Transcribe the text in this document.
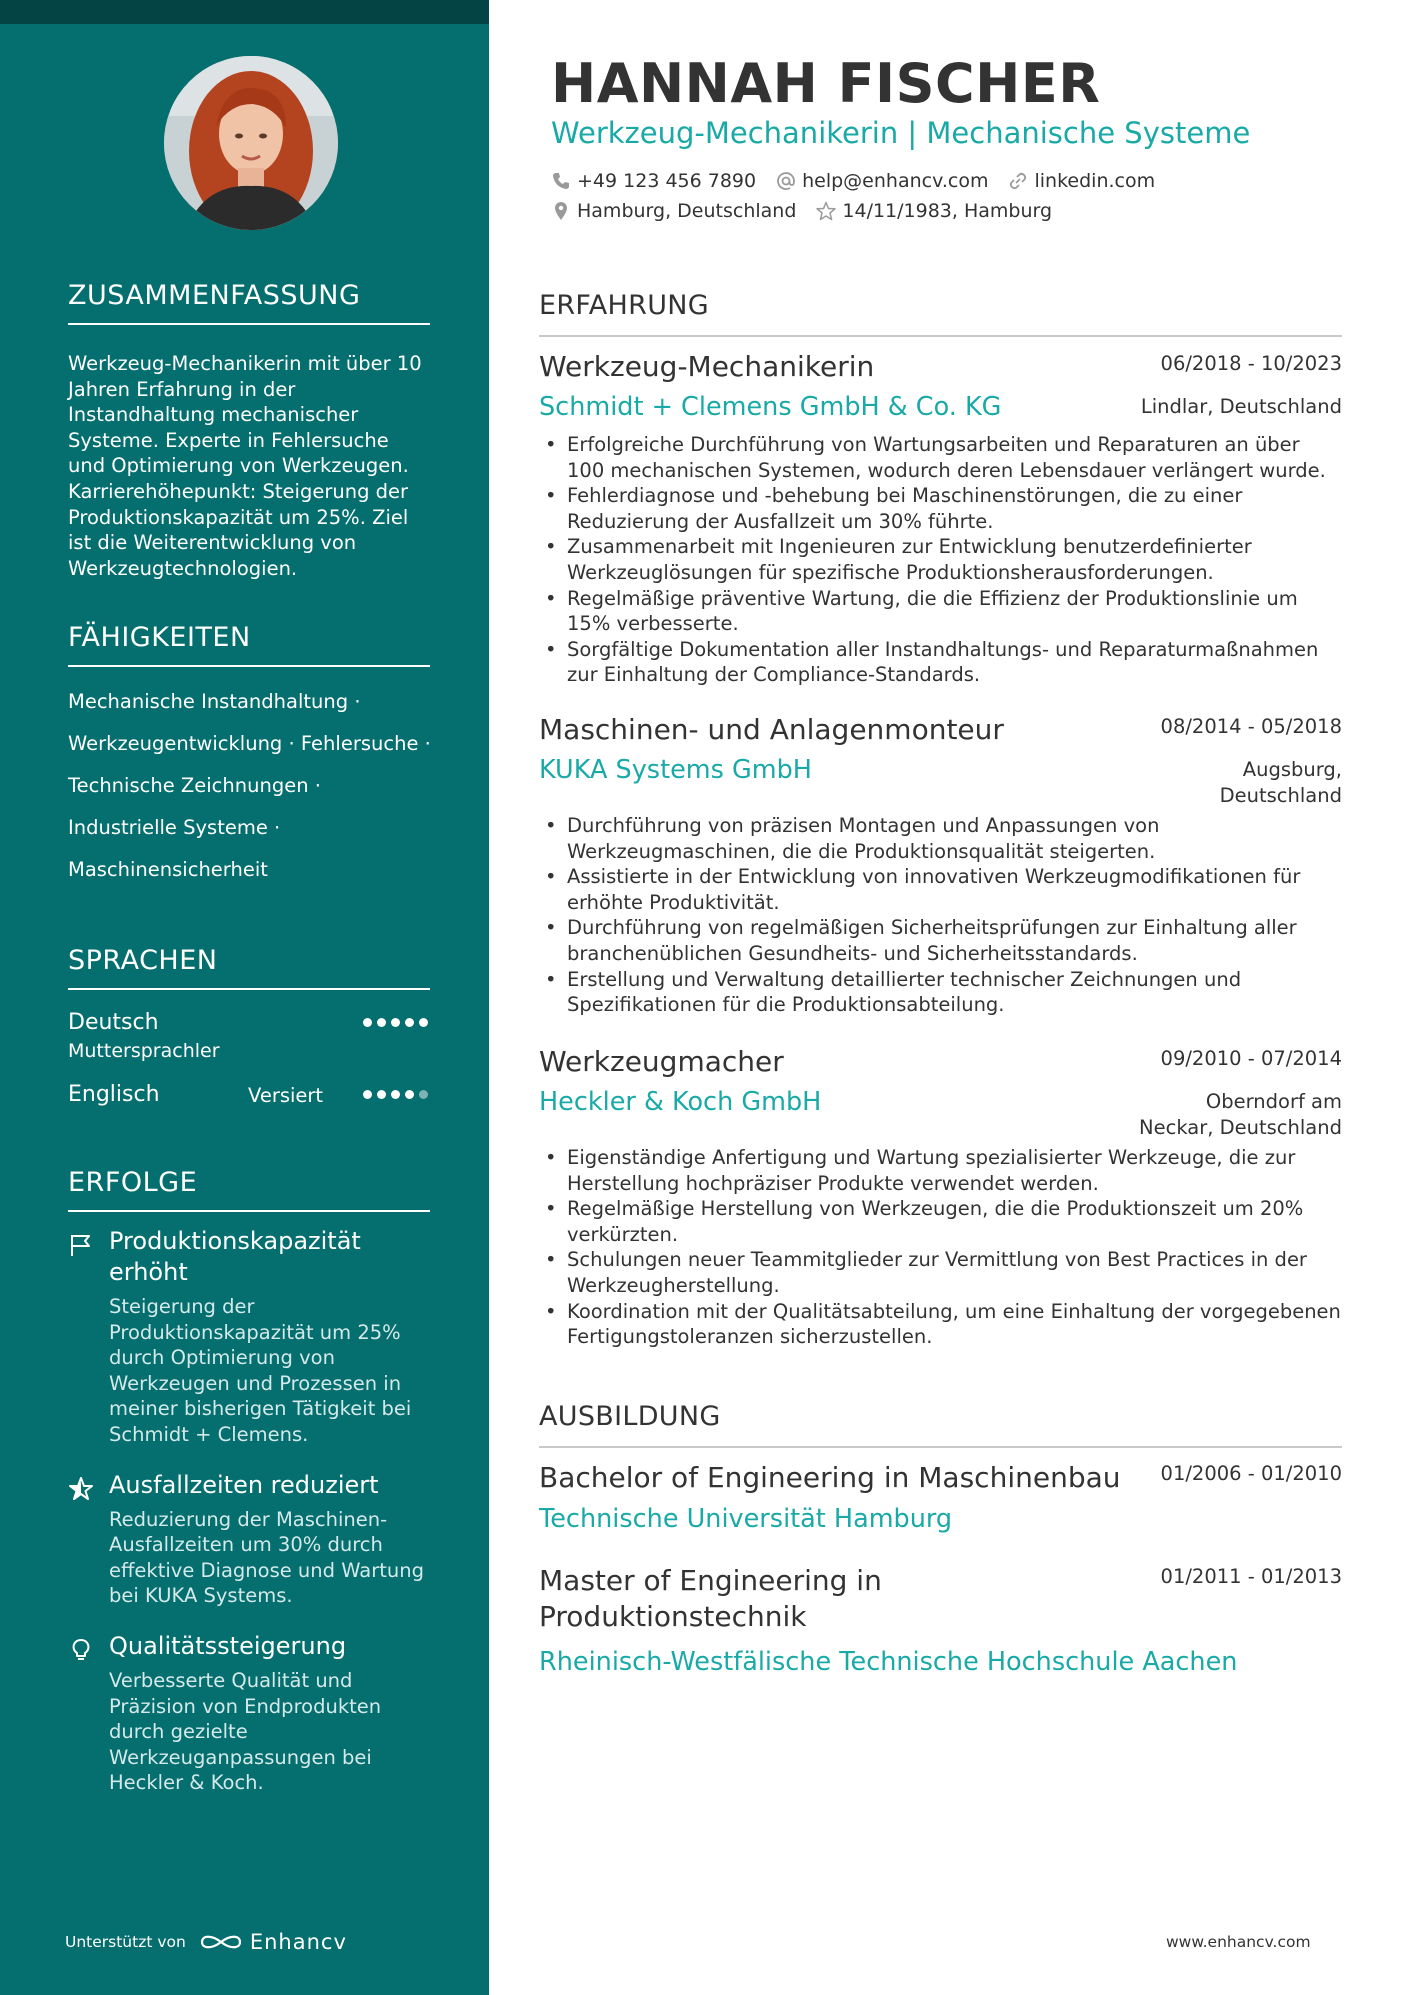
ZUSAMMENFASSUNG
Werkzeug-Mechanikerin mit über 10 Jahren Erfahrung in der Instandhaltung mechanischer Systeme. Experte in Fehlersuche und Optimierung von Werkzeugen. Karrierehöhepunkt: Steigerung der Produktionskapazität um 25%. Ziel ist die Weiterentwicklung von Werkzeugtechnologien.
FÄHIGKEITEN
Mechanische Instandhaltung ·
Werkzeugentwicklung · Fehlersuche ·
Technische Zeichnungen ·
Industrielle Systeme ·
Maschinensicherheit
SPRACHEN
Deutsch
Muttersprachler
Englisch	Versiert
ERFOLGE
Produktionskapazität erhöht
Steigerung der Produktionskapazität um 25% durch Optimierung von Werkzeugen und Prozessen in meiner bisherigen Tätigkeit bei Schmidt + Clemens.
Ausfallzeiten reduziert
Reduzierung der Maschinen-Ausfallzeiten um 30% durch effektive Diagnose und Wartung bei KUKA Systems.
Qualitätssteigerung
Verbesserte Qualität und Präzision von Endprodukten durch gezielte Werkzeuganpassungen bei Heckler & Koch.
Unterstützt von	Enhancv
HANNAH FISCHER
Werkzeug-Mechanikerin | Mechanische Systeme
+49 123 456 7890 help@enhancv.com linkedin.com
Hamburg, Deutschland 14/11/1983, Hamburg
ERFAHRUNG
Werkzeug-Mechanikerin	06/2018 - 10/2023
Schmidt + Clemens GmbH & Co. KG	Lindlar, Deutschland
• Erfolgreiche Durchführung von Wartungsarbeiten und Reparaturen an über 100 mechanischen Systemen, wodurch deren Lebensdauer verlängert wurde.
• Fehlerdiagnose und -behebung bei Maschinenstörungen, die zu einer Reduzierung der Ausfallzeit um 30% führte.
• Zusammenarbeit mit Ingenieuren zur Entwicklung benutzerdefinierter Werkzeuglösungen für spezifische Produktionsherausforderungen.
• Regelmäßige präventive Wartung, die die Effizienz der Produktionslinie um 15% verbesserte.
• Sorgfältige Dokumentation aller Instandhaltungs- und Reparaturmaßnahmen zur Einhaltung der Compliance-Standards.
Maschinen- und Anlagenmonteur	08/2014 - 05/2018
KUKA Systems GmbH	Augsburg, Deutschland
• Durchführung von präzisen Montagen und Anpassungen von Werkzeugmaschinen, die die Produktionsqualität steigerten.
• Assistierte in der Entwicklung von innovativen Werkzeugmodifikationen für erhöhte Produktivität.
• Durchführung von regelmäßigen Sicherheitsprüfungen zur Einhaltung aller branchenüblichen Gesundheits- und Sicherheitsstandards.
• Erstellung und Verwaltung detaillierter technischer Zeichnungen und Spezifikationen für die Produktionsabteilung.
Werkzeugmacher	09/2010 - 07/2014
Heckler & Koch GmbH	Oberndorf am Neckar, Deutschland
• Eigenständige Anfertigung und Wartung spezialisierter Werkzeuge, die zur Herstellung hochpräziser Produkte verwendet werden.
• Regelmäßige Herstellung von Werkzeugen, die die Produktionszeit um 20% verkürzten.
• Schulungen neuer Teammitglieder zur Vermittlung von Best Practices in der Werkzeugherstellung.
• Koordination mit der Qualitätsabteilung, um eine Einhaltung der vorgegebenen Fertigungstoleranzen sicherzustellen.
AUSBILDUNG
Bachelor of Engineering in Maschinenbau	01/2006 - 01/2010
Technische Universität Hamburg
Master of Engineering in Produktionstechnik
01/2011 - 01/2013
Rheinisch-Westfälische Technische Hochschule Aachen
www.enhancv.com
